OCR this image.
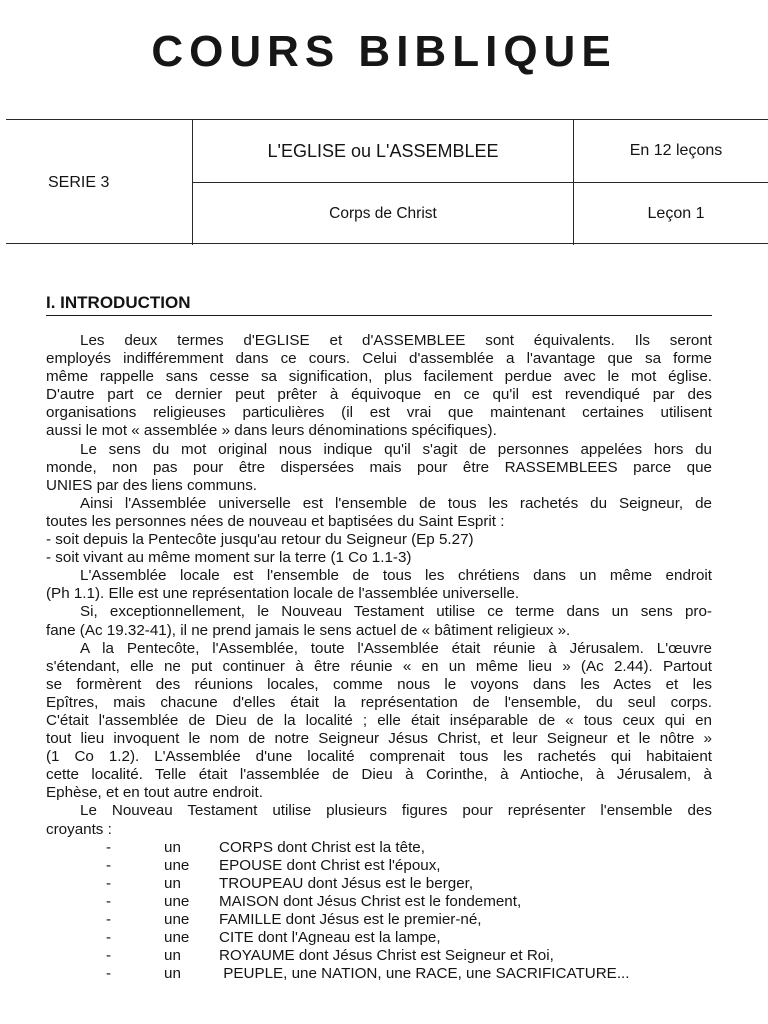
COURS BIBLIQUE
SERIE 3
L'EGLISE ou L'ASSEMBLEE	En 12 leçons
Corps de Christ	Leçon 1
I. INTRODUCTION
Les deux termes d'EGLISE et d'ASSEMBLEE sont équivalents. Ils seront
employés indifféremment dans ce cours. Celui d'assemblée a l'avantage que sa forme
même rappelle sans cesse sa signification, plus facilement perdue avec le mot église.
D'autre part ce dernier peut prêter à équivoque en ce qu'il est revendiqué par des
organisations religieuses particulières (il est vrai que maintenant certaines utilisent
aussi le mot « assemblée » dans leurs dénominations spécifiques).
Le sens du mot original nous indique qu'il s'agit de personnes appelées hors du
monde, non pas pour être dispersées mais pour être RASSEMBLEES parce que
UNIES par des liens communs.
Ainsi l'Assemblée universelle est l'ensemble de tous les rachetés du Seigneur, de
toutes les personnes nées de nouveau et baptisées du Saint Esprit :
- soit depuis la Pentecôte jusqu'au retour du Seigneur (Ep 5.27)
- soit vivant au même moment sur la terre (1 Co 1.1-3)
L'Assemblée locale est l'ensemble de tous les chrétiens dans un même endroit
(Ph 1.1). Elle est une représentation locale de l'assemblée universelle.
Si, exceptionnellement, le Nouveau Testament utilise ce terme dans un sens pro-
fane (Ac 19.32-41), il ne prend jamais le sens actuel de « bâtiment religieux ».
A la Pentecôte, l'Assemblée, toute l'Assemblée était réunie à Jérusalem. L'œuvre
s'étendant, elle ne put continuer à être réunie « en un même lieu » (Ac 2.44). Partout
se formèrent des réunions locales, comme nous le voyons dans les Actes et les
Epîtres, mais chacune d'elles était la représentation de l'ensemble, du seul corps.
C'était l'assemblée de Dieu de la localité ; elle était inséparable de « tous ceux qui en
tout lieu invoquent le nom de notre Seigneur Jésus Christ, et leur Seigneur et le nôtre »
(1 Co 1.2). L'Assemblée d'une localité comprenait tous les rachetés qui habitaient
cette localité. Telle était l'assemblée de Dieu à Corinthe, à Antioche, à Jérusalem, à
Ephèse, et en tout autre endroit.
Le Nouveau Testament utilise plusieurs figures pour représenter l'ensemble des
croyants :
-	un	CORPS dont Christ est la tête,
-	une EPOUSE dont Christ est l'époux,
-	un	TROUPEAU dont Jésus est le berger,
-	une MAISON dont Jésus Christ est le fondement,
-	une FAMILLE dont Jésus est le premier-né,
-	une CITE dont l'Agneau est la lampe,
-	un	ROYAUME dont Jésus Christ est Seigneur et Roi,
-	un	PEUPLE, une NATION, une RACE, une SACRIFICATURE...
